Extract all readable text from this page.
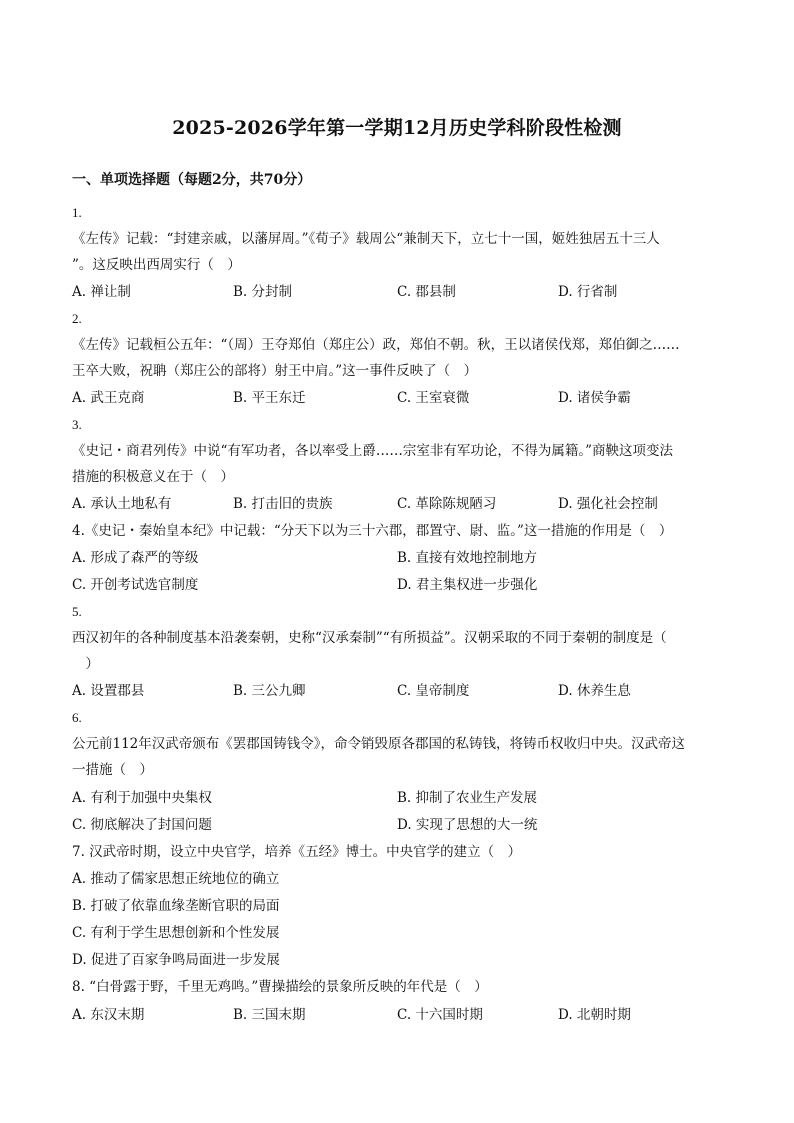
2025-2026学年第一学期12月历史学科阶段性检测
一、单项选择题（每题2分，共70分）
1.
《左传》记载：“封建亲戚，以藩屏周。”《荀子》载周公“兼制天下，立七十一国，姬姓独居五十三人
”。这反映出西周实行（　）
A. 禅让制	B. 分封制	C. 郡县制	D. 行省制
2.
《左传》记载桓公五年：“（周）王夺郑伯（郑庄公）政，郑伯不朝。秋，王以诸侯伐郑，郑伯御之……
王卒大败，祝聃（郑庄公的部将）射王中肩。”这一事件反映了（　）
A. 武王克商	B. 平王东迁	C. 王室衰微	D. 诸侯争霸
3.
《史记・商君列传》中说“有军功者，各以率受上爵……宗室非有军功论，不得为属籍。”商鞅这项变法
措施的积极意义在于（　）
A. 承认土地私有	B. 打击旧的贵族	C. 革除陈规陋习	D. 强化社会控制
4.《史记・秦始皇本纪》中记载：“分天下以为三十六郡，郡置守、尉、监。”这一措施的作用是（　）
A. 形成了森严的等级	B. 直接有效地控制地方
C. 开创考试选官制度	D. 君主集权进一步强化
5.
西汉初年的各种制度基本沿袭秦朝，史称“汉承秦制”“有所损益”。汉朝采取的不同于秦朝的制度是（
　）
A. 设置郡县	B. 三公九卿	C. 皇帝制度	D. 休养生息
6.
公元前112年汉武帝颁布《罢郡国铸钱令》，命令销毁原各郡国的私铸钱，将铸币权收归中央。汉武帝这
一措施（　）
A. 有利于加强中央集权	B. 抑制了农业生产发展
C. 彻底解决了封国问题	D. 实现了思想的大一统
7. 汉武帝时期，设立中央官学，培养《五经》博士。中央官学的建立（　）
A. 推动了儒家思想正统地位的确立
B. 打破了依靠血缘垄断官职的局面
C. 有利于学生思想创新和个性发展
D. 促进了百家争鸣局面进一步发展
8. “白骨露于野，千里无鸡鸣。”曹操描绘的景象所反映的年代是（　）
A. 东汉末期	B. 三国末期	C. 十六国时期	D. 北朝时期
